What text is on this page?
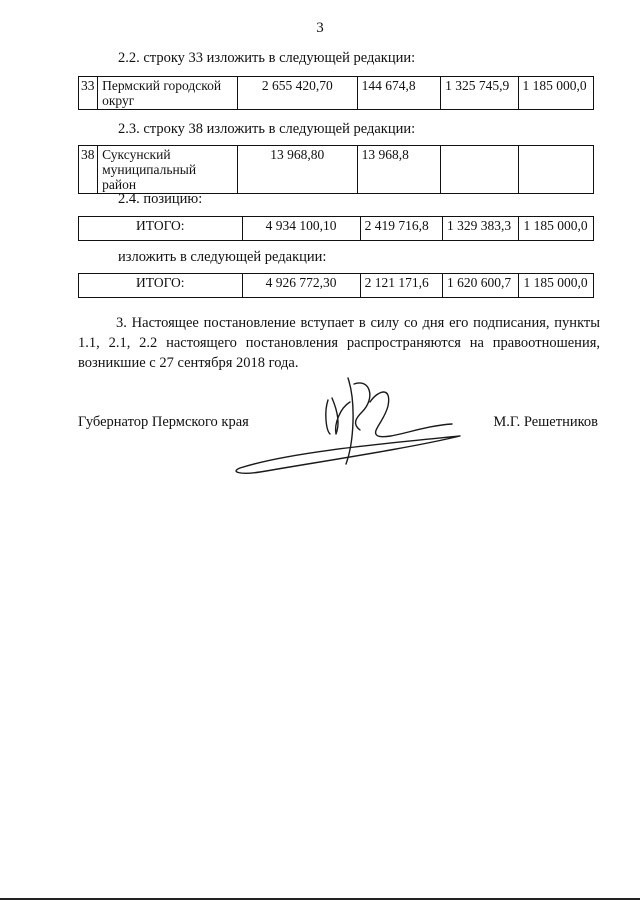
3
2.2. строку 33 изложить в следующей редакции:
33	Пермский городской округ	2 655 420,70	144 674,8	1 325 745,9	1 185 000,0
2.3. строку 38 изложить в следующей редакции:
38	Суксунский муниципальный район	13 968,80	13 968,8		
2.4. позицию:
ИТОГО:	4 934 100,10	2 419 716,8	1 329 383,3	1 185 000,0
изложить в следующей редакции:
ИТОГО:	4 926 772,30	2 121 171,6	1 620 600,7	1 185 000,0
3. Настоящее постановление вступает в силу со дня его подписания, пункты 1.1, 2.1, 2.2 настоящего постановления распространяются на правоотношения, возникшие с 27 сентября 2018 года.
Губернатор Пермского края	М.Г. Решетников
